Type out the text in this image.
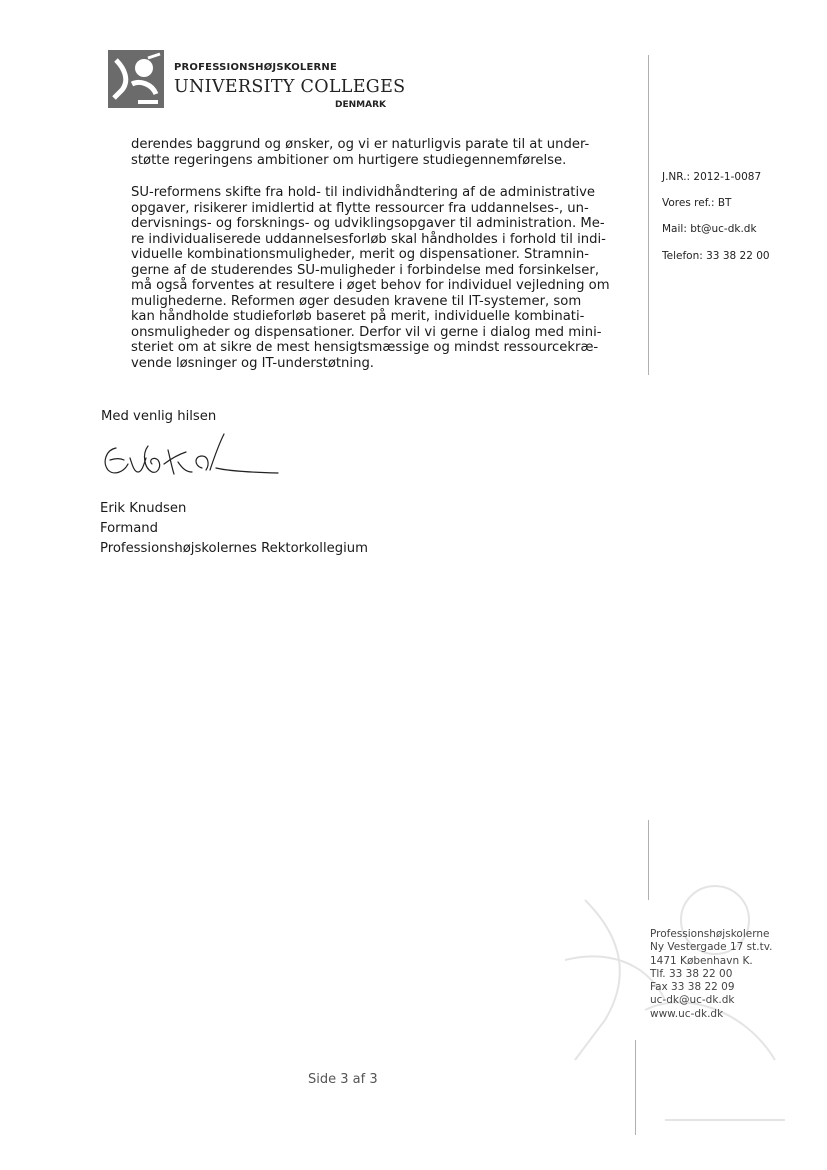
PROFESSIONSHØJSKOLERNE
UNIVERSITY COLLEGES
DENMARK

derendes baggrund og ønsker, og vi er naturligvis parate til at under-

støtte regeringens ambitioner om hurtigere studiegennemførelse.

SU-reformens skifte fra hold- til individhåndtering af de administrative

opgaver, risikerer imidlertid at flytte ressourcer fra uddannelses-, un-

dervisnings- og forsknings- og udviklingsopgaver til administration. Me-

re individualiserede uddannelsesforløb skal håndholdes i forhold til indi-

viduelle kombinationsmuligheder, merit og dispensationer. Stramnin-

gerne af de studerendes SU-muligheder i forbindelse med forsinkelser,

må også forventes at resultere i øget behov for individuel vejledning om

mulighederne. Reformen øger desuden kravene til IT-systemer, som

kan håndholde studieforløb baseret på merit, individuelle kombinati-

onsmuligheder og dispensationer. Derfor vil vi gerne i dialog med mini-

steriet om at sikre de mest hensigtsmæssige og mindst ressourcekræ-

vende løsninger og IT-understøtning.

J.NR.: 2012-1-0087
Vores ref.: BT
Mail: bt@uc-dk.dk
Telefon: 33 38 22 00
Med venlig hilsen
Erik Knudsen
Formand
Professionshøjskolernes Rektorkollegium
Professionshøjskolerne
Ny Vestergade 17 st.tv.
1471 København K.
Tlf. 33 38 22 00
Fax 33 38 22 09
uc-dk@uc-dk.dk
www.uc-dk.dk
Side 3 af 3
